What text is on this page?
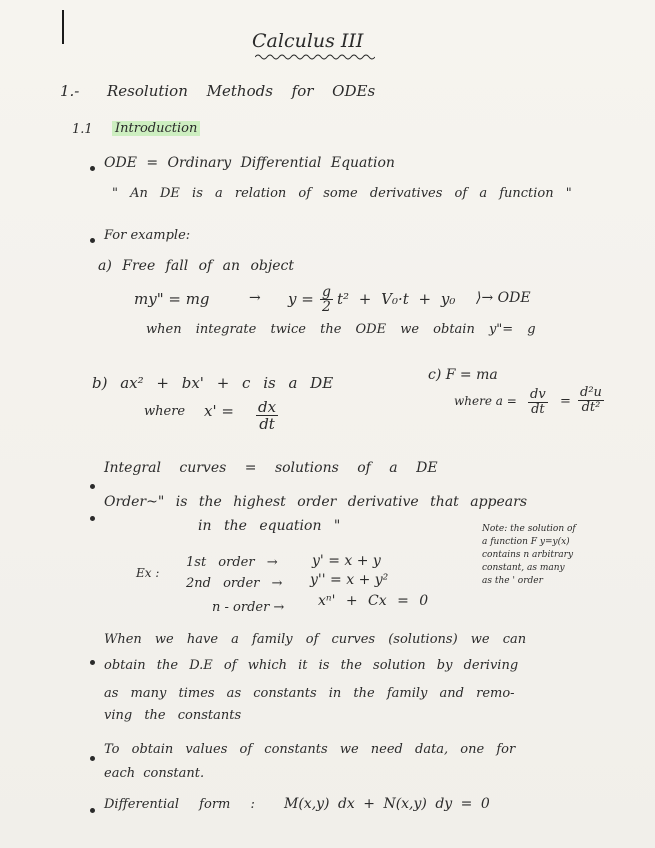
Calculus III
1.- Resolution Methods for ODEs
1.1 Introduction
ODE = Ordinary Differential Equation
" An DE is a relation of some derivatives of a function "
For example:
a) Free fall of an object
my" = mg	→ $y = \frac{g}{2} t^2 + V_0\cdot t + y_0$ ⟩→ ODE
when integrate twice the ODE we obtain y"= g
b) ax² + bx' + c is a DE
where $x' = \frac{dx}{dt}$
c) F = ma
where $a = \frac{dv}{dt} = \frac{\text{d²u}}{\text{dt²}}$
Integral curves = solutions of a DE
Order~" is the highest order derivative that appears
in the equation "
Ex :
1st order → y' = x + y
2nd order → y'' = x + y²
n - order → xⁿ' + Cx = 0
Note: the solution of
a function F y=y(x)
contains n arbitrary
constant, as many
as the ' order
When we have a family of curves (solutions) we can
obtain the D.E of which it is the solution by deriving
as many times as constants in the family and remo-
ving the constants
To obtain values of constants we need data, one for
each constant.
Differential form : M(x,y) dx + N(x,y) dy = 0
